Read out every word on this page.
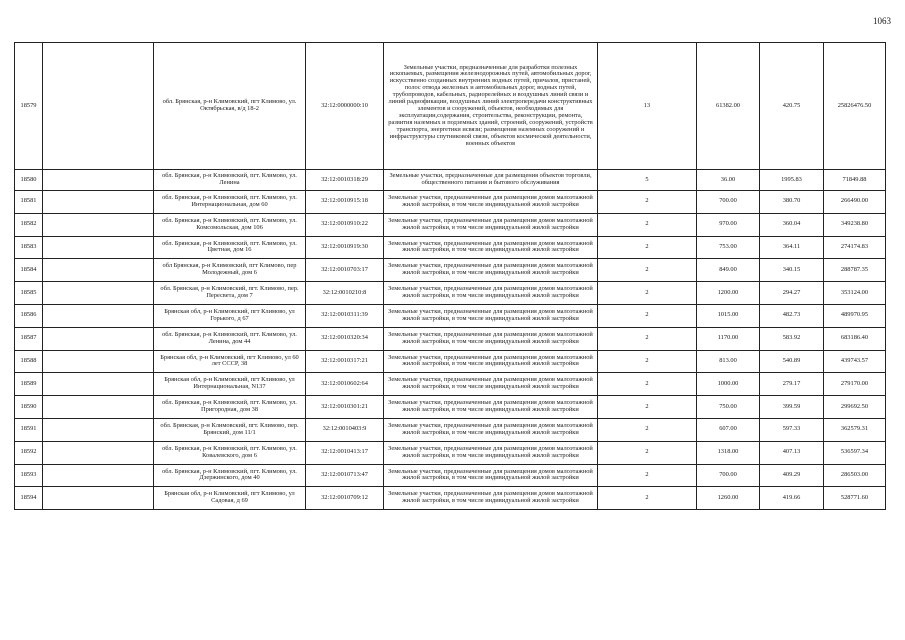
1063
18579		обл. Брянская, р-н Климовский, пгт Климово, ул. Октябрьская, в/д 18-2	32:12:0000000:10	Земельные участки, предназначенные для разработки полезных ископаемых, размещения железнодорожных путей, автомобильных дорог, искусственно созданных внутренних водных путей, причалов, пристаней, полос отвода железных и автомобильных дорог, водных путей, трубопроводов, кабельных, радиорелейных и воздушных линий связи и линий радиофикации, воздушных линий электропередачи конструктивных элементов и сооружений, объектов, необходимых для эксплуатации,содержания, строительства, реконструкции, ремонта, развития наземных и подземных зданий, строений, сооружений, устройств транспорта, энергетики исвязи; размещения наземных сооружений и инфраструктуры спутниковой связи, объектов космической деятельности, военных объектов	13	61382.00	420.75	25826476.50
18580		обл. Брянская, р-н Климовский, пгт. Климово, ул. Ленина	32:12:0010318:29	Земельные участки, предназначенные для размещения объектов торговли, общественного питания и бытового обслуживания	5	36.00	1995.83	71849.88
18581		обл. Брянская, р-н Климовский, пгт. Климово, ул. Интернациональная, дом 60	32:12:0010915:18	Земельные участки, предназначенные для размещения домов малоэтажной жилой застройки, в том числе индивидуальной жилой застройки	2	700.00	380.70	266490.00
18582		обл. Брянская, р-н Климовский, пгт. Климово, ул. Комсомольская, дом 106	32:12:0010910:22	Земельные участки, предназначенные для размещения домов малоэтажной жилой застройки, в том числе индивидуальной жилой застройки	2	970.00	360.04	349238.80
18583		обл. Брянская, р-н Климовский, пгт. Климово, ул. Цветная, дом 16	32:12:0010919:30	Земельные участки, предназначенные для размещения домов малоэтажной жилой застройки, в том числе индивидуальной жилой застройки	2	753.00	364.11	274174.83
18584		обл Брянская, р-н Климовский, пгт Климово, пер Молодежный, дом 6	32:12:0010703:17	Земельные участки, предназначенные для размещения домов малоэтажной жилой застройки, в том числе индивидуальной жилой застройки	2	849.00	340.15	288787.35
18585		обл. Брянская, р-н Климовский, пгт. Климово, пер. Пересвета, дом 7	32:12:0010210:8	Земельные участки, предназначенные для размещения домов малоэтажной жилой застройки, в том числе индивидуальной жилой застройки	2	1200.00	294.27	353124.00
18586		Брянская обл, р-н Климовский, пгт Климово, ул Горького, д 67	32:12:0010311:39	Земельные участки, предназначенные для размещения домов малоэтажной жилой застройки, в том числе индивидуальной жилой застройки	2	1015.00	482.73	489970.95
18587		обл. Брянская, р-н Климовский, пгт. Климово, ул. Ленина, дом 44	32:12:0010320:34	Земельные участки, предназначенные для размещения домов малоэтажной жилой застройки, в том числе индивидуальной жилой застройки	2	1170.00	583.92	683186.40
18588		Брянская обл, р-н Климовский, пгт Климово, ул 60 лет СССР, 38	32:12:0010317:21	Земельные участки, предназначенные для размещения домов малоэтажной жилой застройки, в том числе индивидуальной жилой застройки	2	813.00	540.89	439743.57
18589		Брянская обл, р-н Климовский, пгт Климово, ул Интернациональная, N137	32:12:0010602:64	Земельные участки, предназначенные для размещения домов малоэтажной жилой застройки, в том числе индивидуальной жилой застройки	2	1000.00	279.17	279170.00
18590		обл. Брянская, р-н Климовский, пгт. Климово, ул. Пригородная, дом 38	32:12:0010301:21	Земельные участки, предназначенные для размещения домов малоэтажной жилой застройки, в том числе индивидуальной жилой застройки	2	750.00	399.59	299692.50
18591		обл. Брянская, р-н Климовский, пгт. Климово, пер. Брянский, дом 11/1	32:12:0010403:9	Земельные участки, предназначенные для размещения домов малоэтажной жилой застройки, в том числе индивидуальной жилой застройки	2	607.00	597.33	362579.31
18592		обл. Брянская, р-н Климовский, пгт. Климово, ул. Ковалевского, дом 6	32:12:0010413:17	Земельные участки, предназначенные для размещения домов малоэтажной жилой застройки, в том числе индивидуальной жилой застройки	2	1318.00	407.13	536597.34
18593		обл. Брянская, р-н Климовский, пгт. Климово, ул. Дзержинского, дом 40	32:12:0010713:47	Земельные участки, предназначенные для размещения домов малоэтажной жилой застройки, в том числе индивидуальной жилой застройки	2	700.00	409.29	286503.00
18594		Брянская обл, р-н Климовский, пгт Климово, ул Садовая, д 69	32:12:0010709:12	Земельные участки, предназначенные для размещения домов малоэтажной жилой застройки, в том числе индивидуальной жилой застройки	2	1260.00	419.66	528771.60
